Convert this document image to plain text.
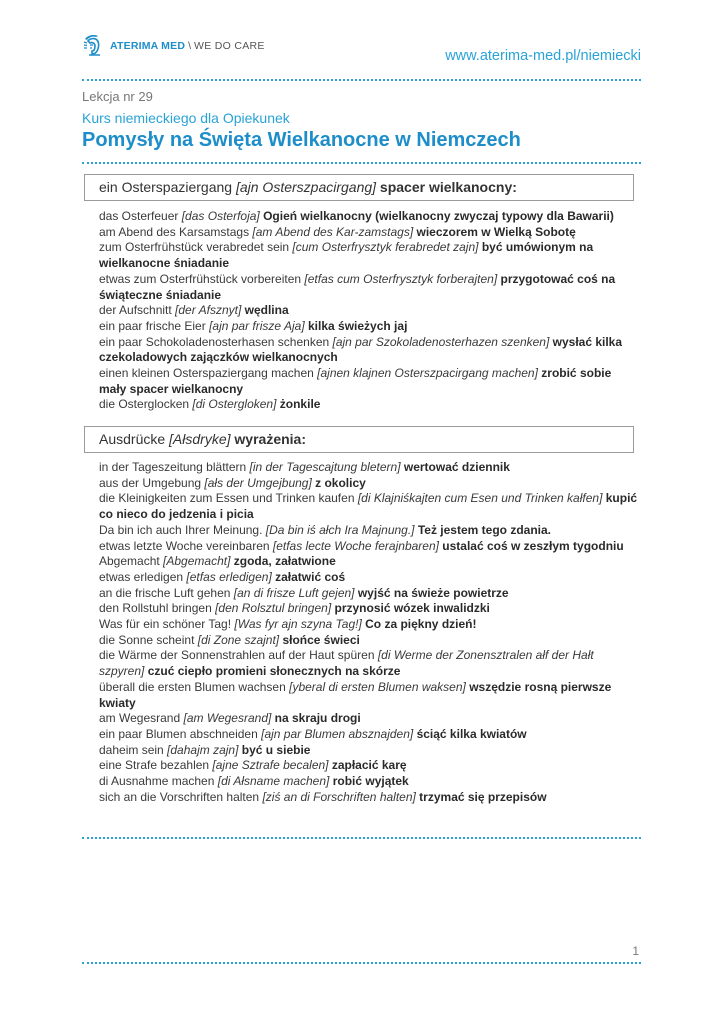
ATERIMA MED \ WE DO CARE
www.aterima-med.pl/niemiecki
Lekcja nr 29
Kurs niemieckiego dla Opiekunek
Pomysły na Święta Wielkanocne w Niemczech
ein Osterspaziergang [ajn Osterszpacirgang] spacer wielkanocny:
das Osterfeuer [das Osterfoja] Ogień wielkanocny (wielkanocny zwyczaj typowy dla Bawarii)
am Abend des Karsamstags [am Abend des Kar-zamstags] wieczorem w Wielką Sobotę
zum Osterfrühstück verabredet sein [cum Osterfrysztyk ferabredet zajn] być umówionym na wielkanocne śniadanie
etwas zum Osterfrühstück vorbereiten [etfas cum Osterfrysztyk forberajten] przygotować coś na świąteczne śniadanie
der Aufschnitt [der Afsznyt] wędlina
ein paar frische Eier [ajn par frisze Aja] kilka świeżych jaj
ein paar Schokoladenosterhasen schenken [ajn par Szokoladenosterhazen szenken] wysłać kilka czekoladowych zajączków wielkanocnych
einen kleinen Osterspaziergang machen [ajnen klajnen Osterszpacirgang machen] zrobić sobie mały spacer wielkanocny
die Osterglocken [di Ostergloken] żonkile
Ausdrücke [Ałsdryke] wyrażenia:
in der Tageszeitung blättern [in der Tagescajtung bletern] wertować dziennik
aus der Umgebung [ałs der Umgejbung] z okolicy
die Kleinigkeiten zum Essen und Trinken kaufen [di Klajniśkajten cum Esen und Trinken kałfen] kupić co nieco do jedzenia i picia
Da bin ich auch Ihrer Meinung. [Da bin iś ałch Ira Majnung.] Też jestem tego zdania.
etwas letzte Woche vereinbaren [etfas lecte Woche ferajnbaren] ustalać coś w zeszłym tygodniu
Abgemacht [Abgemacht] zgoda, załatwione
etwas erledigen [etfas erledigen] załatwić coś
an die frische Luft gehen [an di frisze Luft gejen] wyjść na świeże powietrze
den Rollstuhl bringen [den Rolsztul bringen] przynosić wózek inwalidzki
Was für ein schöner Tag! [Was fyr ajn szyna Tag!] Co za piękny dzień!
die Sonne scheint [di Zone szajnt] słońce świeci
die Wärme der Sonnenstrahlen auf der Haut spüren [di Werme der Zonensztralen ałf der Hałt szpyren] czuć ciepło promieni słonecznych na skórze
überall die ersten Blumen wachsen [yberal di ersten Blumen waksen] wszędzie rosną pierwsze kwiaty
am Wegesrand [am Wegesrand] na skraju drogi
ein paar Blumen abschneiden [ajn par Blumen absznajden] ściąć kilka kwiatów
daheim sein [dahajm zajn] być u siebie
eine Strafe bezahlen [ajne Sztrafe becalen] zapłacić karę
di Ausnahme machen [di Ałsname machen] robić wyjątek
sich an die Vorschriften halten [ziś an di Forschriften halten] trzymać się przepisów
1
